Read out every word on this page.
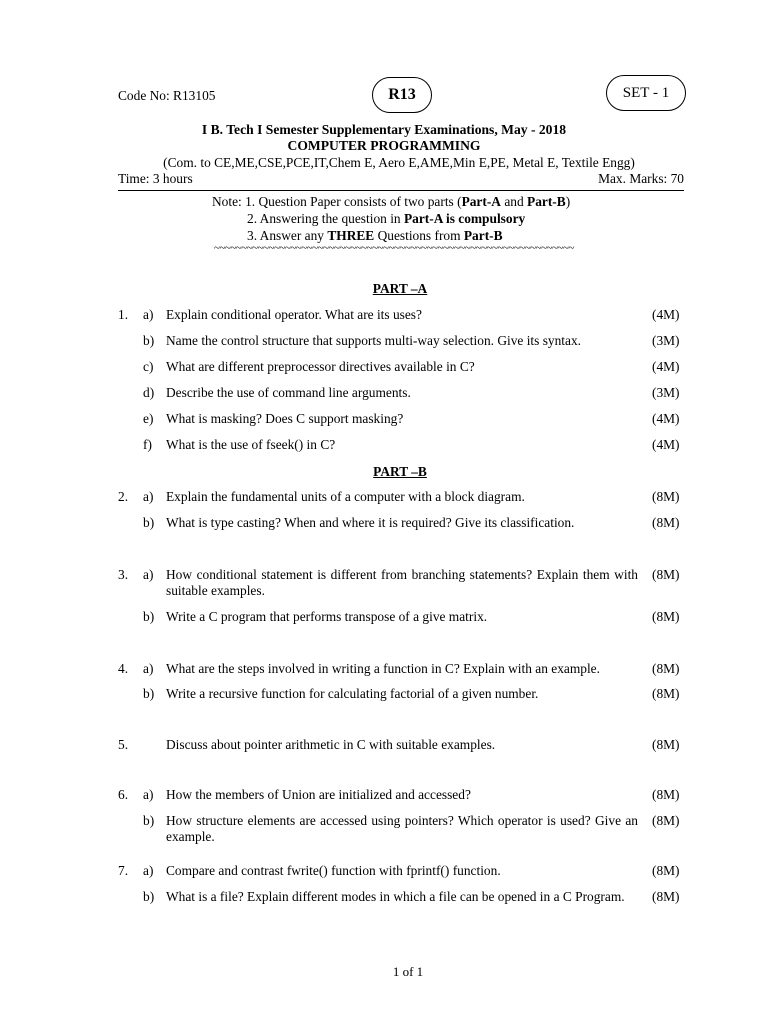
Code No: R13105	R13	SET - 1
I B. Tech I Semester Supplementary Examinations, May - 2018
COMPUTER PROGRAMMING
(Com. to CE,ME,CSE,PCE,IT,Chem E, Aero E,AME,Min E,PE, Metal E, Textile Engg)
Time: 3 hours	Max. Marks: 70
Note: 1. Question Paper consists of two parts (Part-A and Part-B)
2. Answering the question in Part-A is compulsory
3. Answer any THREE Questions from Part-B
~~~~~~~~~~~~~~~~~~~~~~~~~~~~~~~~~~~~~~~~~~~~~~~~~~~~~~~~~~~~~~~~~~
PART –A
1. a) Explain conditional operator. What are its uses?	(4M)
b) Name the control structure that supports multi-way selection. Give its syntax.	(3M)
c) What are different preprocessor directives available in C?	(4M)
d) Describe the use of command line arguments.	(3M)
e) What is masking? Does C support masking?	(4M)
f) What is the use of fseek() in C?	(4M)
PART –B
2. a) Explain the fundamental units of a computer with a block diagram.	(8M)
b) What is type casting? When and where it is required? Give its classification.	(8M)
3. a) How conditional statement is different from branching statements? Explain them with suitable examples.
(8M)
b) Write a C program that performs transpose of a give matrix.	(8M)
4. a) What are the steps involved in writing a function in C? Explain with an example.	(8M)
b) Write a recursive function for calculating factorial of a given number.	(8M)
5.	Discuss about pointer arithmetic in C with suitable examples.	(8M)
6. a) How the members of Union are initialized and accessed?	(8M)
b) How structure elements are accessed using pointers? Which operator is used? Give an example.
(8M)
7. a) Compare and contrast fwrite() function with fprintf() function.	(8M)
b) What is a file? Explain different modes in which a file can be opened in a C Program.	(8M)
1 of 1
